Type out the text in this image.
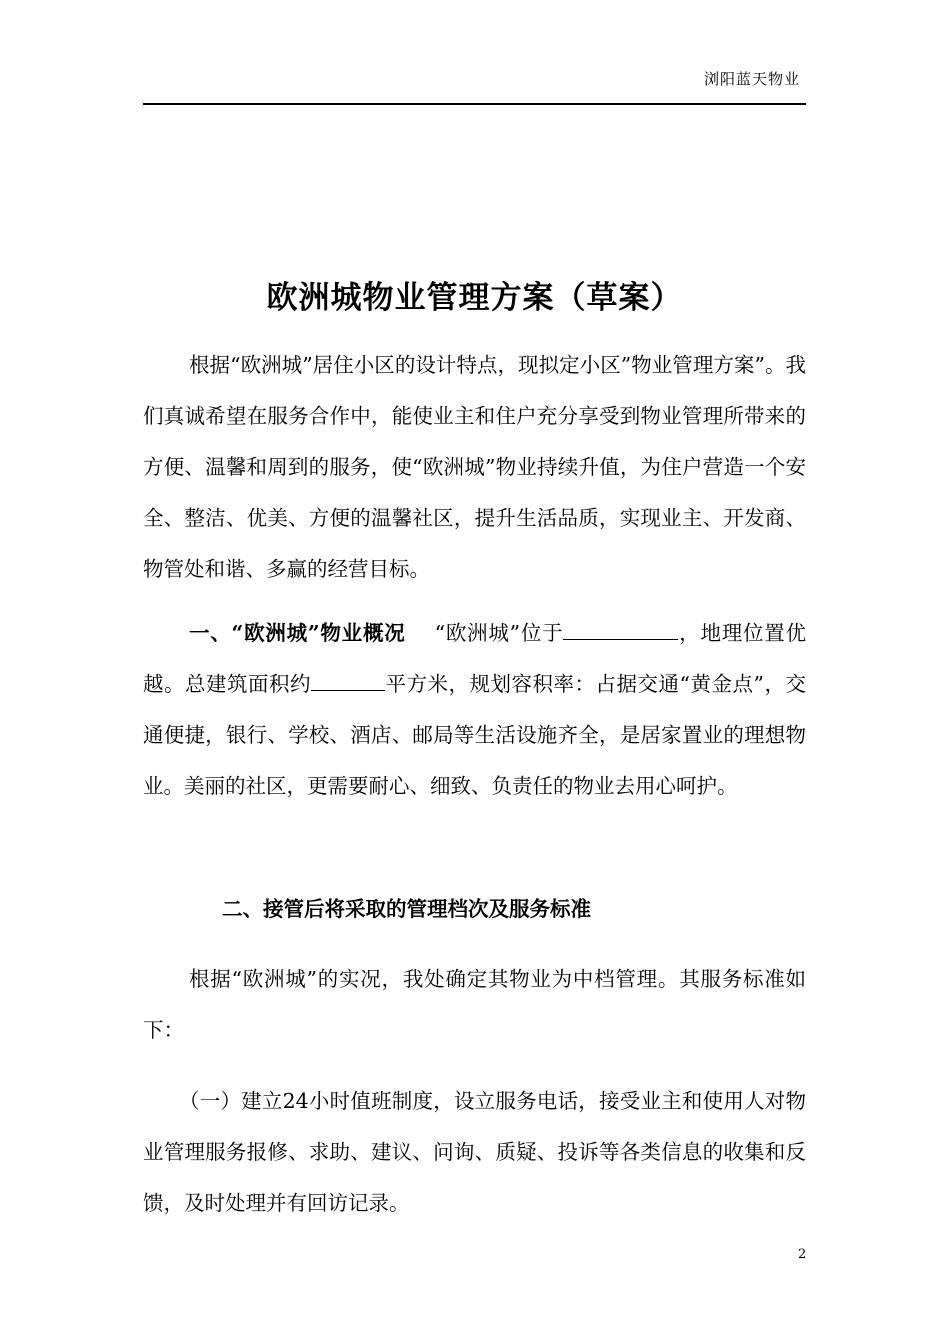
浏阳蓝天物业
欧洲城物业管理方案（草案）

根据“欧洲城”居住小区的设计特点，现拟定小区”物业管理方案”。我们真诚希望在服务合作中，能使业主和住户充分享受到物业管理所带来的方便、温馨和周到的服务，使“欧洲城”物业持续升值，为住户营造一个安全、整洁、优美、方便的温馨社区，提升生活品质，实现业主、开发商、物管处和谐、多赢的经营目标。

一、“欧洲城”物业概况 “欧洲城”位于	，地理位置优越。总建筑面积约	平方米，规划容积率：占据交通“黄金点”，交通便捷，银行、学校、酒店、邮局等生活设施齐全，是居家置业的理想物业。美丽的社区，更需要耐心、细致、负责任的物业去用心呵护。

二、接管后将采取的管理档次及服务标准

根据“欧洲城”的实况，我处确定其物业为中档管理。其服务标准如下：

（一）建立24小时值班制度，设立服务电话，接受业主和使用人对物业管理服务报修、求助、建议、问询、质疑、投诉等各类信息的收集和反馈，及时处理并有回访记录。

2
